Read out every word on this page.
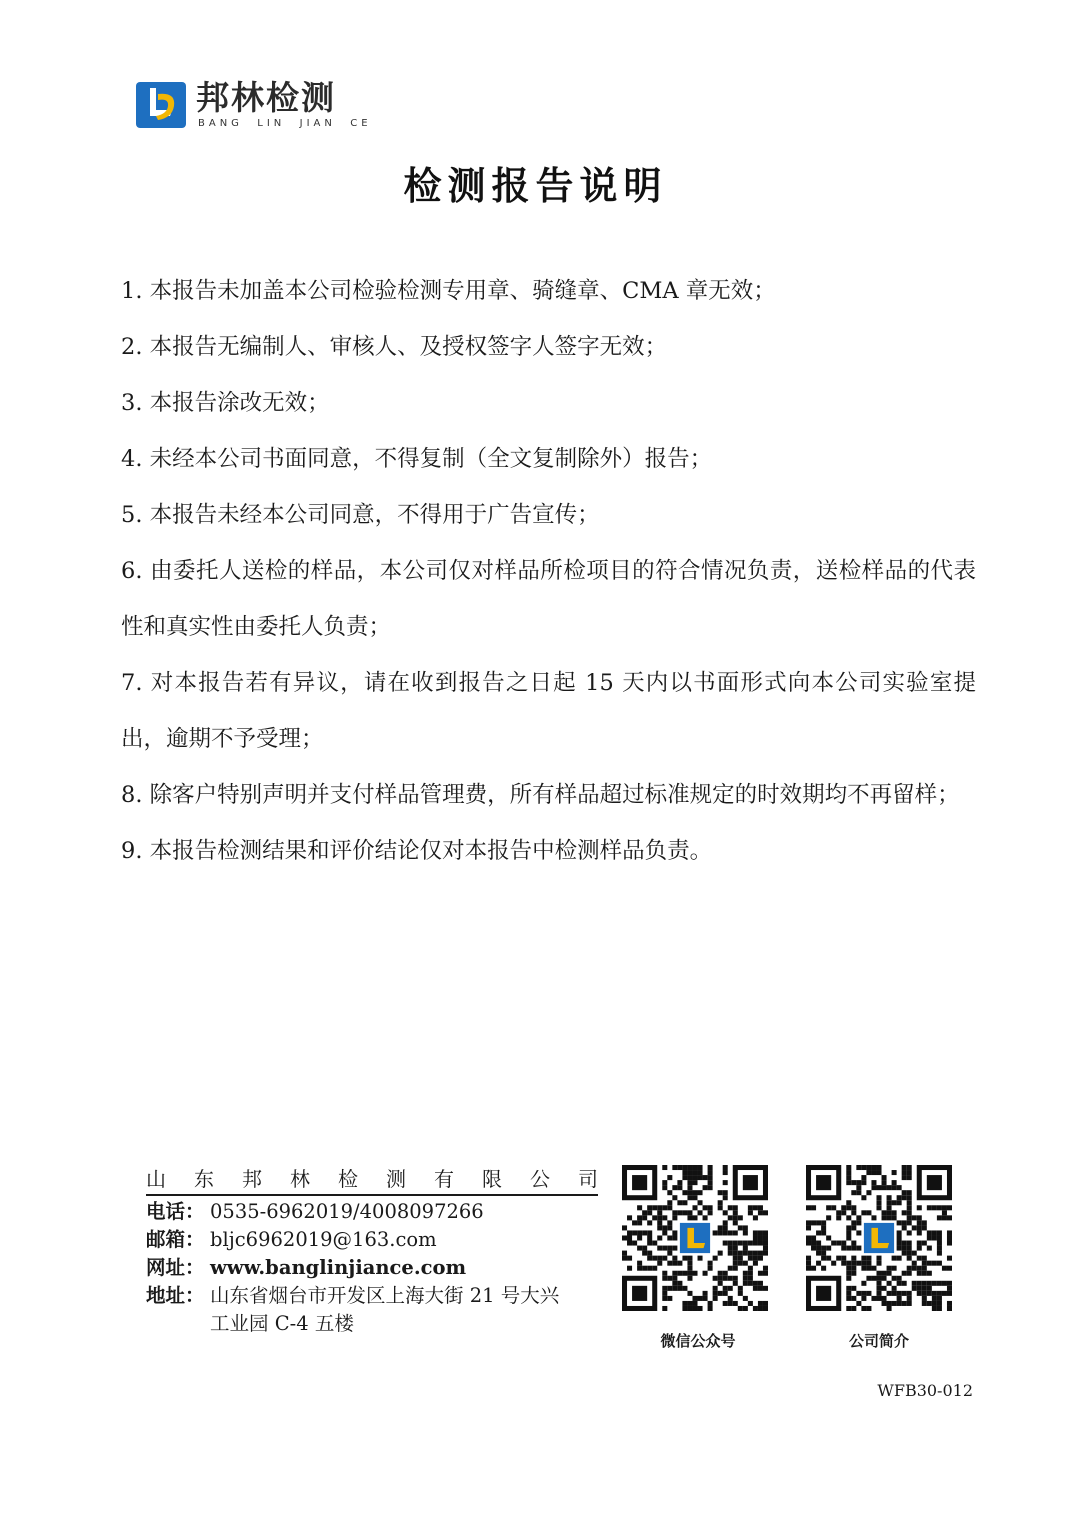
邦林检测
BANG  LIN  JIAN  CE
检测报告说明
1. 本报告未加盖本公司检验检测专用章、骑缝章、CMA 章无效；
2. 本报告无编制人、审核人、及授权签字人签字无效；
3. 本报告涂改无效；
4. 未经本公司书面同意，不得复制（全文复制除外）报告；
5. 本报告未经本公司同意，不得用于广告宣传；
6. 由委托人送检的样品，本公司仅对样品所检项目的符合情况负责，送检样品的代表性和真实性由委托人负责；
7. 对本报告若有异议，请在收到报告之日起 15 天内以书面形式向本公司实验室提出，逾期不予受理；
8. 除客户特别声明并支付样品管理费，所有样品超过标准规定的时效期均不再留样；
9. 本报告检测结果和评价结论仅对本报告中检测样品负责。
山 东 邦 林 检 测 有 限 公 司
电话： 0535-6962019/4008097266
邮箱： bljc6962019@163.com
网址： www.banglinjiance.com
地址： 山东省烟台市开发区上海大街 21 号大兴
工业园 C-4 五楼
微信公众号	公司简介
WFB30-012
